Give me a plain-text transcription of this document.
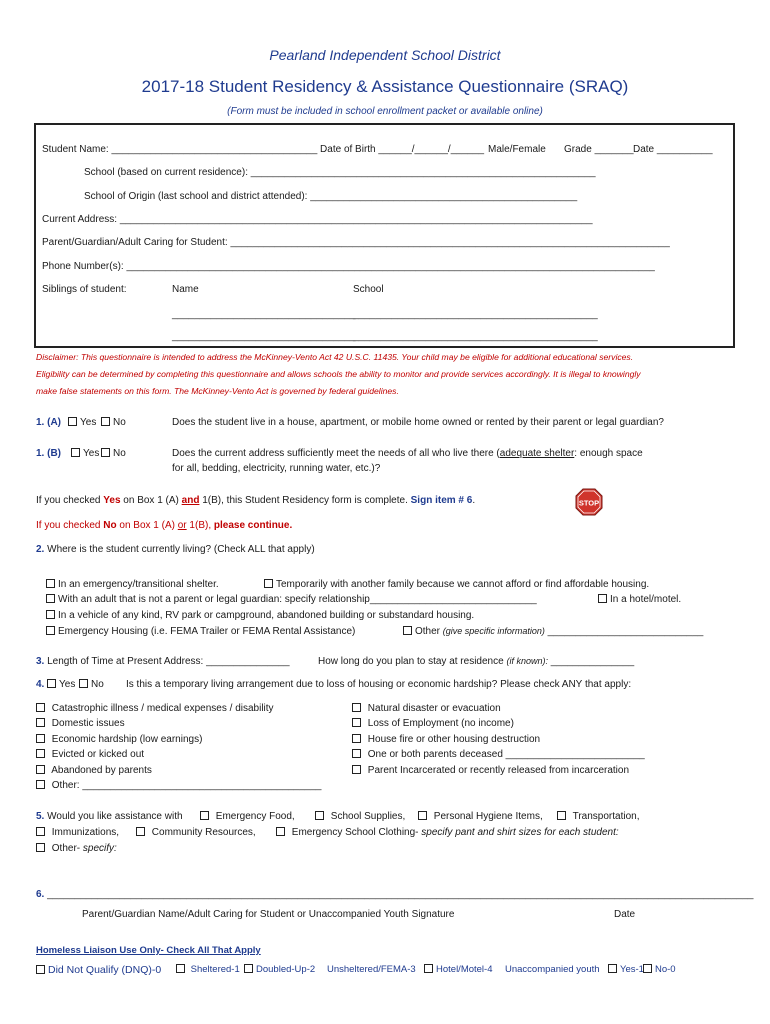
Pearland Independent School District
2017-18 Student Residency & Assistance Questionnaire (SRAQ)
(Form must be included in school enrollment packet or available online)
Student Name: _____________________________________ Date of Birth ______/______/______ Male/Female Grade _______ Date __________
School (based on current residence): ______________________________________________________________
School of Origin (last school and district attended): ________________________________________________
Current Address: _____________________________________________________________________________________
Parent/Guardian/Adult Caring for Student: _______________________________________________________________________________
Phone Number(s): _______________________________________________________________________________________________
Siblings of student:	Name	School
_________________________________
____________________________________________
_________________________________
____________________________________________
Disclaimer: This questionnaire is intended to address the McKinney-Vento Act 42 U.S.C. 11435. Your child may be eligible for additional educational services.
Eligibility can be determined by completing this questionnaire and allows schools the ability to monitor and provide services accordingly. It is illegal to knowingly
make false statements on this form. The McKinney-Vento Act is governed by federal guidelines.
1. (A)	Yes	No	Does the student live in a house, apartment, or mobile home owned or rented by their parent or legal guardian?
1. (B)	Yes	No	Does the current address sufficiently meet the needs of all who live there (adequate shelter: enough space
for all, bedding, electricity, running water, etc.)?
If you checked Yes on Box 1 (A) and 1(B), this Student Residency form is complete. Sign item # 6.	STOP
If you checked No on Box 1 (A) or 1(B), please continue.
2. Where is the student currently living? (Check ALL that apply)
In an emergency/transitional shelter.	Temporarily with another family because we cannot afford or find affordable housing.
With an adult that is not a parent or legal guardian: specify relationship______________________________	In a hotel/motel.
In a vehicle of any kind, RV park or campground, abandoned building or substandard housing.
Emergency Housing (i.e. FEMA Trailer or FEMA Rental Assistance)	Other (give specific information) ____________________________
3. Length of Time at Present Address: _______________	How long do you plan to stay at residence (if known): _______________
4.	Yes	No Is this a temporary living arrangement due to loss of housing or economic hardship? Please check ANY that apply:
Catastrophic illness / medical expenses / disability
Domestic issues
Economic hardship (low earnings)
Evicted or kicked out
Abandoned by parents
Other: ___________________________________________
Natural disaster or evacuation
Loss of Employment (no income)
House fire or other housing destruction
One or both parents deceased _________________________
Parent Incarcerated or recently released from incarceration
5. Would you like assistance with	Emergency Food,	School Supplies,	Personal Hygiene Items,	Transportation,
Immunizations,	Community Resources,	Emergency School Clothing- specify pant and shirt sizes for each student:
Other- specify:
6. _______________________________________________________________________________________________________________________________
Parent/Guardian Name/Adult Caring for Student or Unaccompanied Youth Signature	Date
Homeless Liaison Use Only- Check All That Apply
Did Not Qualify (DNQ)-0	Sheltered-1	Doubled-Up-2 Unsheltered/FEMA-3	Hotel/Motel-4 Unaccompanied youth	Yes-1	No-0
